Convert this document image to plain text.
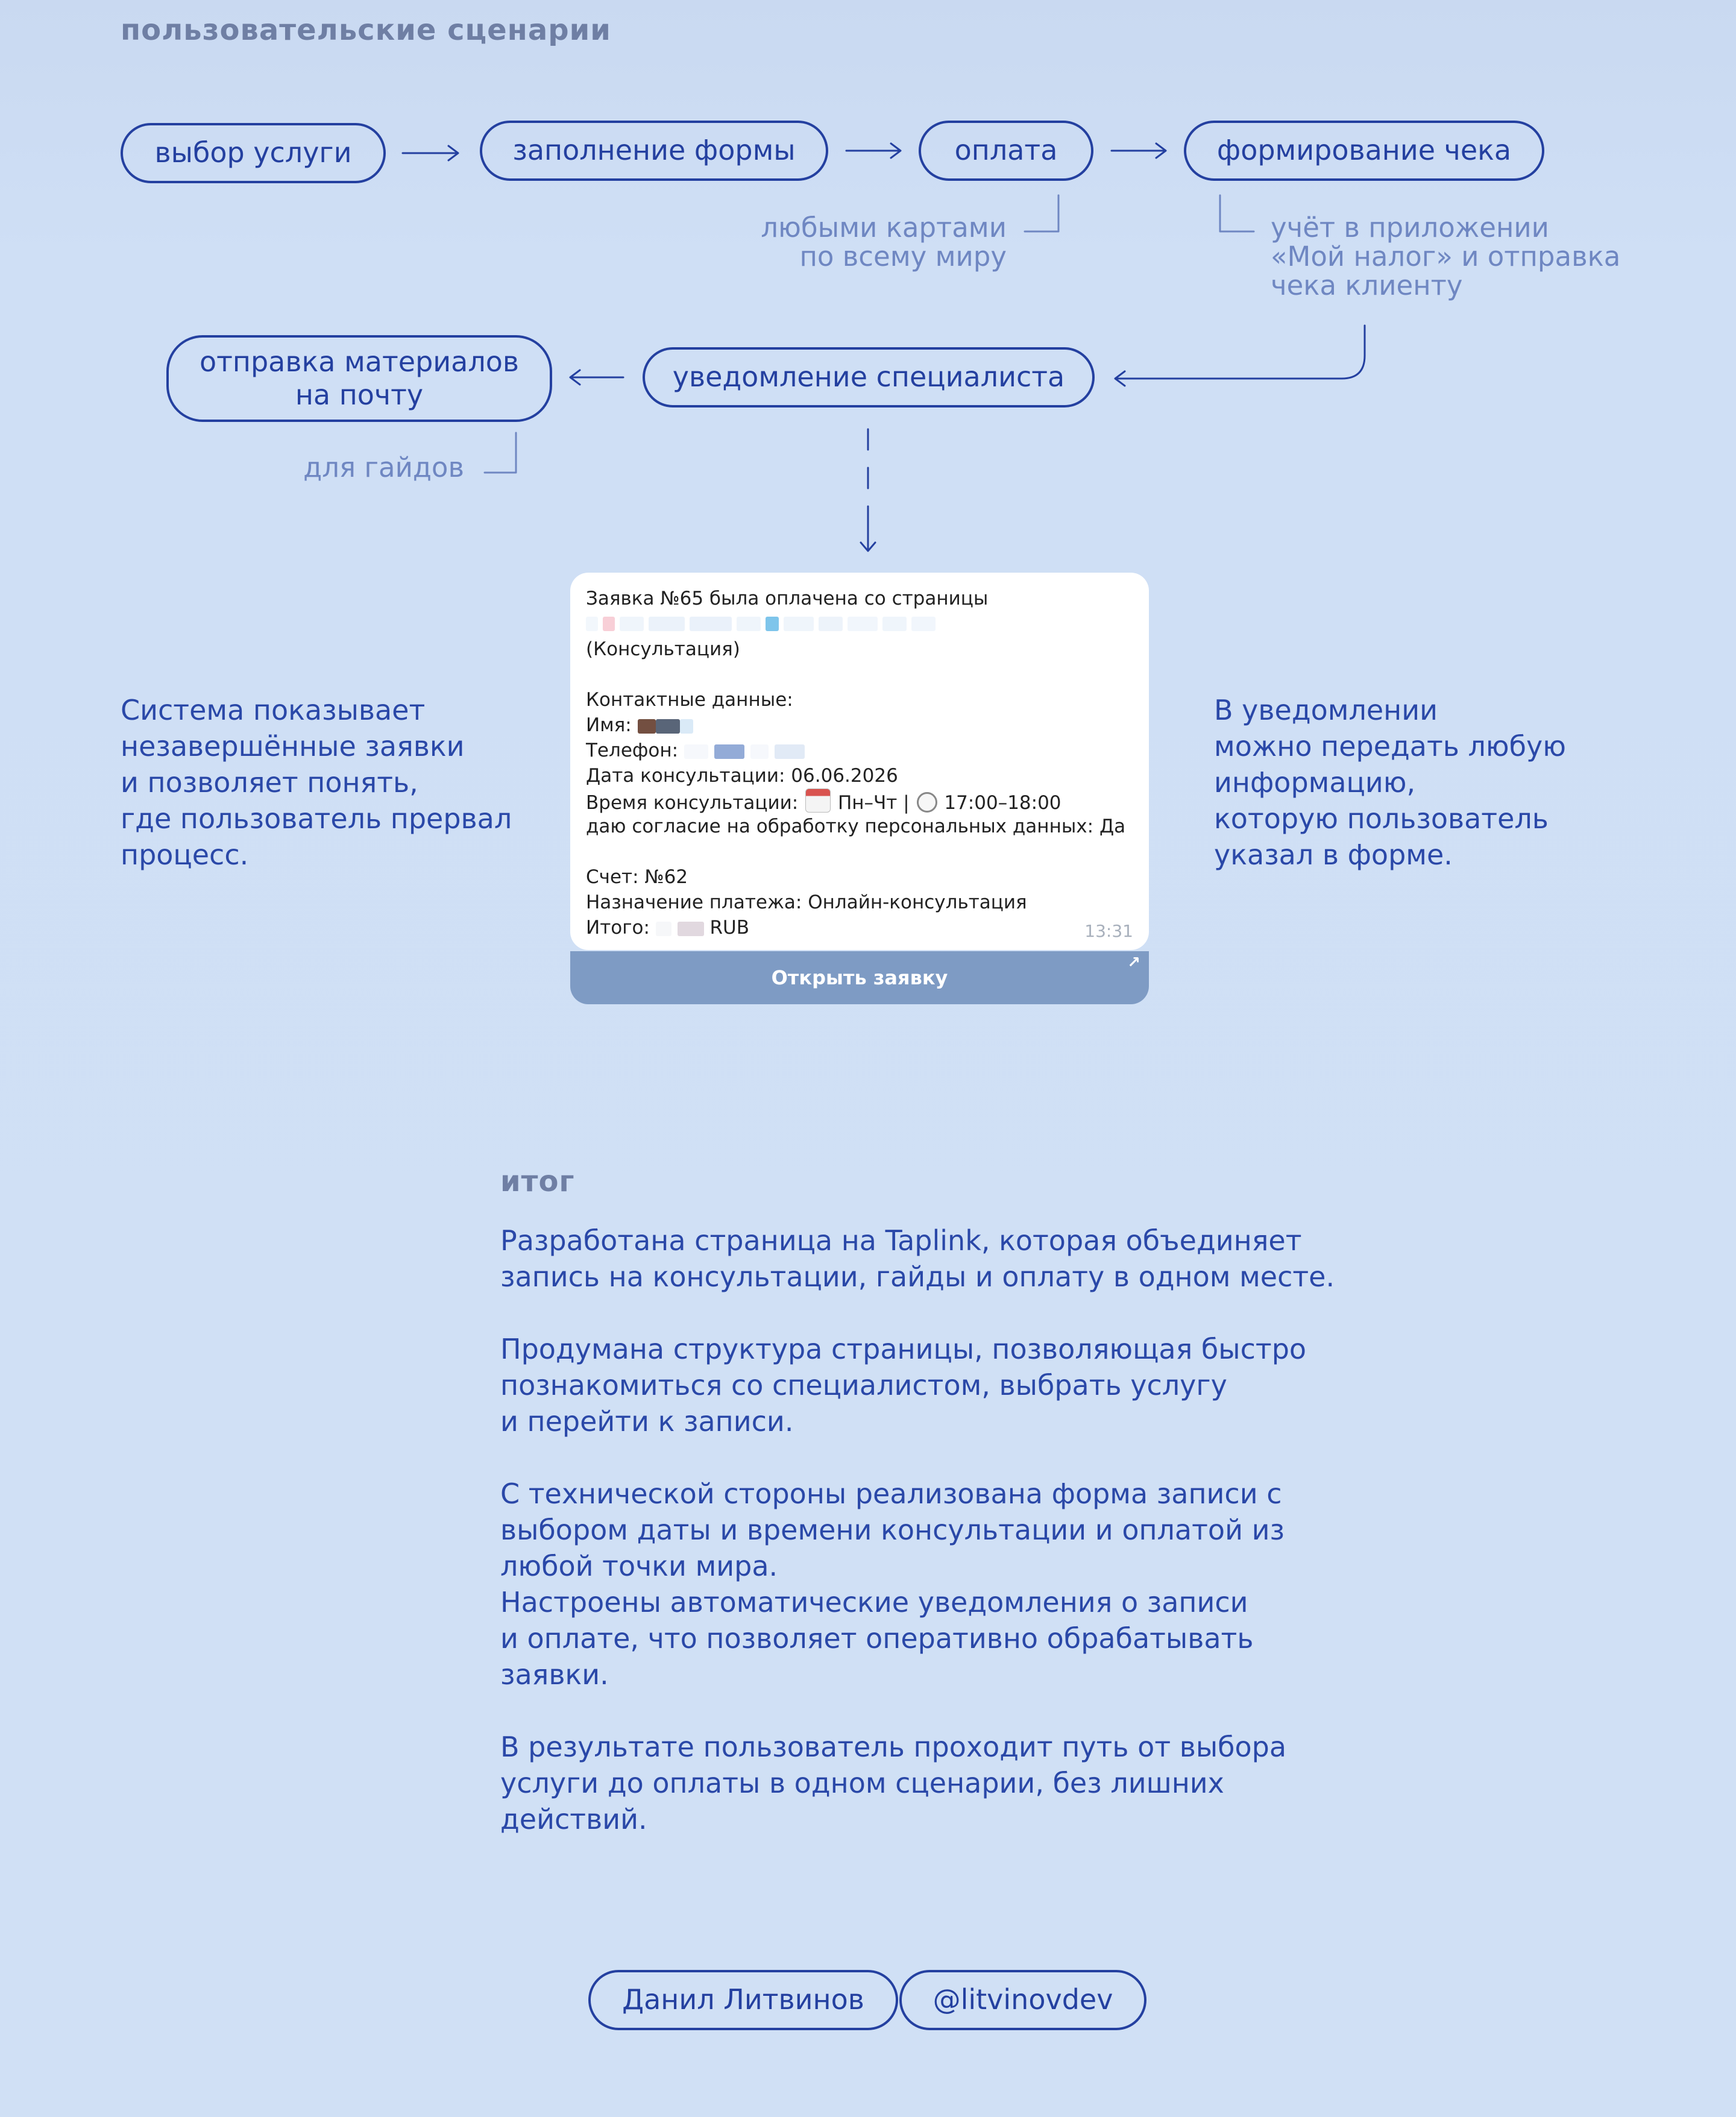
пользовательские сценарии
выбор услуги	заполнение формы	оплата	формирование чека
отправка материалов
на почту
уведомление специалиста
любыми картами
по всему миру
учёт в приложении
«Мой налог» и отправка
чека клиенту
для гайдов
Система показывает
незавершённые заявки
и позволяет понять,
где пользователь прервал
процесс.
В уведомлении
можно передать любую
информацию,
которую пользователь
указал в форме.
Заявка №65 была оплачена со страницы
(Консультация)
Контактные данные:
Имя:
Телефон:
Дата консультации: 06.06.2026
Время консультации: Пн–Чт | 17:00–18:00
даю согласие на обработку персональных данных: Да
Счет: №62
Назначение платежа: Онлайн-консультация
Итого:	RUB	13:31
Открыть заявку
↗
итог
Разработана страница на Taplink, которая объединяет
запись на консультации, гайды и оплату в одном месте.
Продумана структура страницы, позволяющая быстро
познакомиться со специалистом, выбрать услугу
и перейти к записи.
С технической стороны реализована форма записи с
выбором даты и времени консультации и оплатой из
любой точки мира.
Настроены автоматические уведомления о записи
и оплате, что позволяет оперативно обрабатывать
заявки.
В результате пользователь проходит путь от выбора
услуги до оплаты в одном сценарии, без лишних
действий.
Данил Литвинов @litvinovdev
